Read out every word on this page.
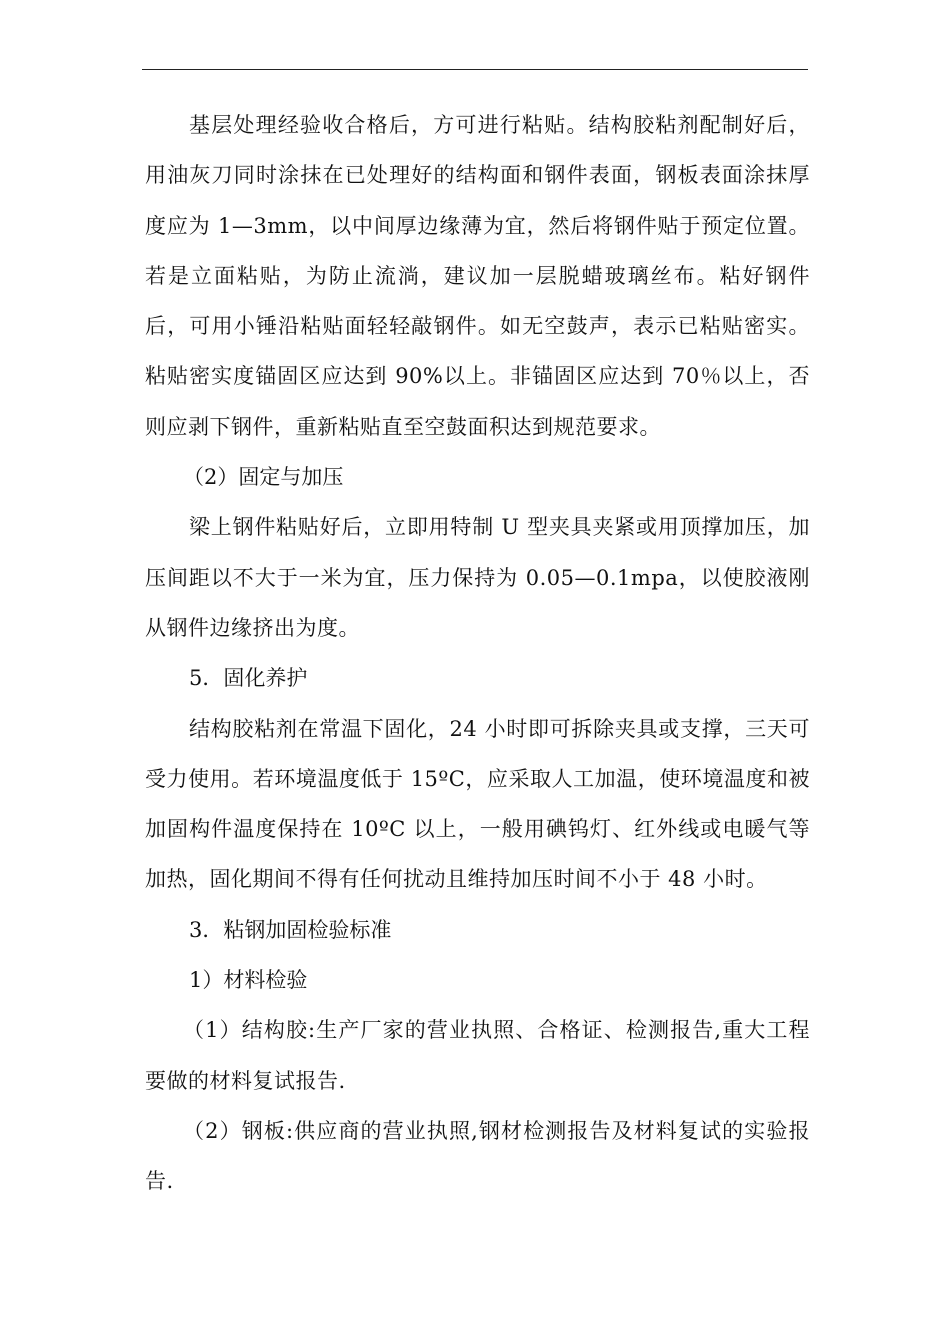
基层处理经验收合格后，方可进行粘贴。结构胶粘剂配制好后，用油灰刀同时涂抹在已处理好的结构面和钢件表面，钢板表面涂抹厚度应为 1—3mm，以中间厚边缘薄为宜，然后将钢件贴于预定位置。若是立面粘贴，为防止流淌，建议加一层脱蜡玻璃丝布。粘好钢件后，可用小锤沿粘贴面轻轻敲钢件。如无空鼓声，表示已粘贴密实。粘贴密实度锚固区应达到 90%以上。非锚固区应达到 70％以上，否则应剥下钢件，重新粘贴直至空鼓面积达到规范要求。

（2）固定与加压

梁上钢件粘贴好后，立即用特制 U 型夹具夹紧或用顶撑加压，加压间距以不大于一米为宜，压力保持为 0.05—0.1mpa，以使胶液刚从钢件边缘挤出为度。

5．固化养护

结构胶粘剂在常温下固化，24 小时即可拆除夹具或支撑，三天可受力使用。若环境温度低于 15ºC，应采取人工加温，使环境温度和被加固构件温度保持在 10ºC 以上，一般用碘钨灯、红外线或电暖气等加热，固化期间不得有任何扰动且维持加压时间不小于 48 小时。

3．粘钢加固检验标准

1）材料检验

（1）结构胶:生产厂家的营业执照、合格证、检测报告,重大工程要做的材料复试报告.

（2）钢板:供应商的营业执照,钢材检测报告及材料复试的实验报告.
